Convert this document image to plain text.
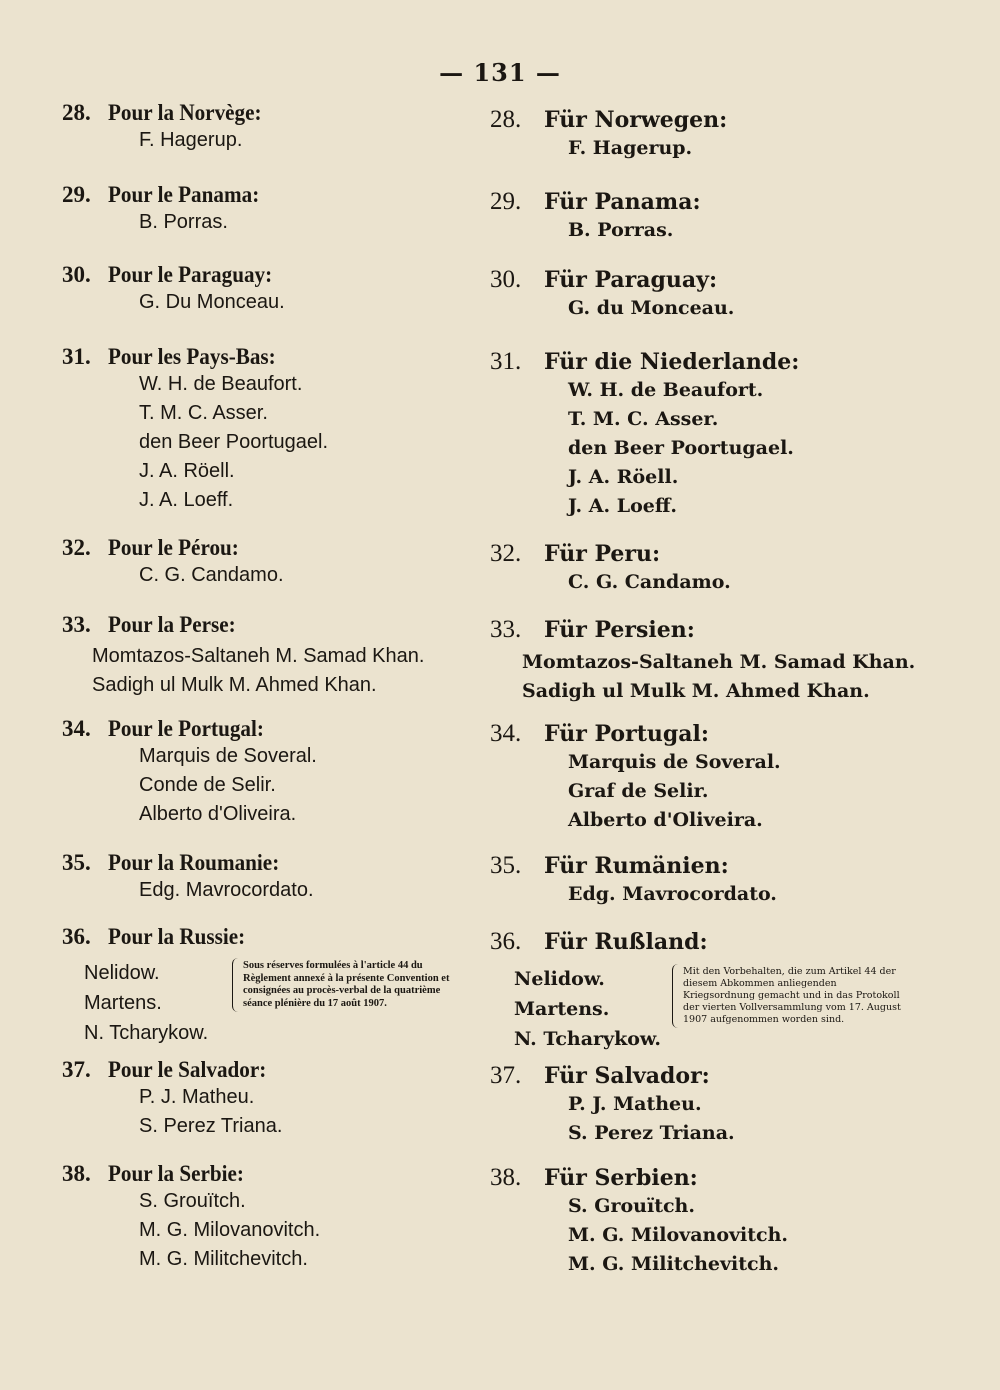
— 131 —
28. Pour la Norvège:
F. Hagerup.
29. Pour le Panama:
B. Porras.
30. Pour le Paraguay:
G. Du Monceau.
31. Pour les Pays-Bas:
W. H. de Beaufort.
T. M. C. Asser.
den Beer Poortugael.
J. A. Röell.
J. A. Loeff.
32. Pour le Pérou:
C. G. Candamo.
33. Pour la Perse:
Momtazos-Saltaneh M. Samad Khan.
Sadigh ul Mulk M. Ahmed Khan.
34. Pour le Portugal:
Marquis de Soveral.
Conde de Selir.
Alberto d'Oliveira.
35. Pour la Roumanie:
Edg. Mavrocordato.
36. Pour la Russie:
Nelidow.
Martens.
N. Tcharykow.
Sous réserves formulées à l'article 44 du Règlement annexé à la présente Convention et consignées au procès-verbal de la quatrième séance plénière du 17 août 1907.
37. Pour le Salvador:
P. J. Matheu.
S. Perez Triana.
38. Pour la Serbie:
S. Grouïtch.
M. G. Milovanovitch.
M. G. Militchevitch.
28.	Für Norwegen:
F. Hagerup.
29.	Für Panama:
B. Porras.
30.	Für Paraguay:
G. du Monceau.
31.	Für die Niederlande:
W. H. de Beaufort.
T. M. C. Asser.
den Beer Poortugael.
J. A. Röell.
J. A. Loeff.
32.	Für Peru:
C. G. Candamo.
33.	Für Persien:
Momtazos-Saltaneh M. Samad Khan.
Sadigh ul Mulk M. Ahmed Khan.
34.	Für Portugal:
Marquis de Soveral.
Graf de Selir.
Alberto d'Oliveira.
35.	Für Rumänien:
Edg. Mavrocordato.
36.	Für Rußland:
Nelidow.
Martens.
N. Tcharykow.
Mit den Vorbehalten, die zum Artikel 44 der diesem Abkommen anliegenden Kriegsordnung gemacht und in das Protokoll der vierten Vollversammlung vom 17. August 1907 aufgenommen worden sind.
37.	Für Salvador:
P. J. Matheu.
S. Perez Triana.
38.	Für Serbien:
S. Grouïtch.
M. G. Milovanovitch.
M. G. Militchevitch.
